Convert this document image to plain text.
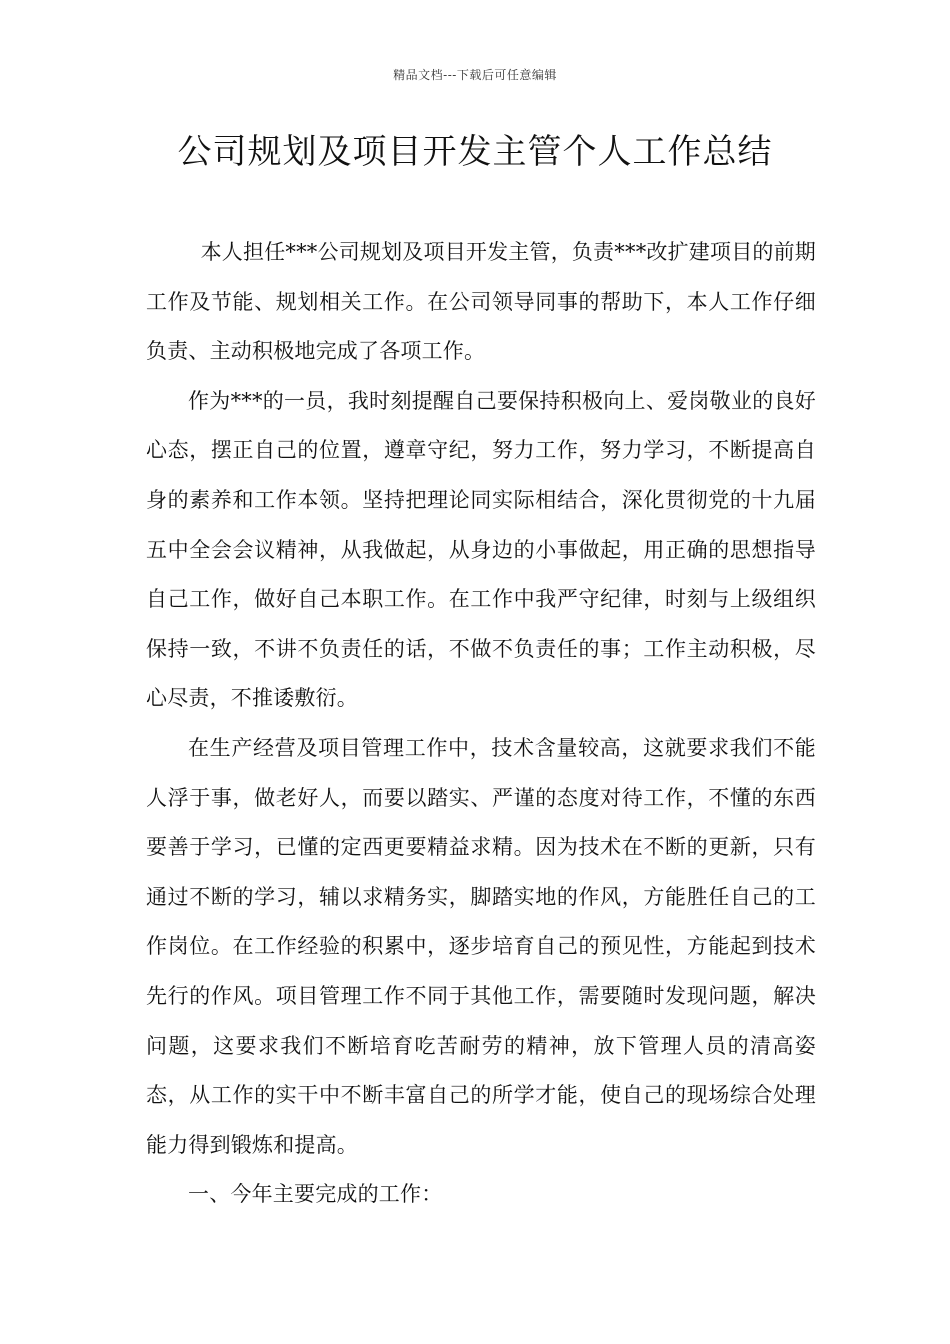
精品文档---下载后可任意编辑
公司规划及项目开发主管个人工作总结

本人担任***公司规划及项目开发主管，负责***改扩建项目的前期工作及节能、规划相关工作。在公司领导同事的帮助下，本人工作仔细负责、主动积极地完成了各项工作。

作为***的一员，我时刻提醒自己要保持积极向上、爱岗敬业的良好心态，摆正自己的位置，遵章守纪，努力工作，努力学习，不断提高自身的素养和工作本领。坚持把理论同实际相结合，深化贯彻党的十九届五中全会会议精神，从我做起，从身边的小事做起，用正确的思想指导自己工作，做好自己本职工作。在工作中我严守纪律，时刻与上级组织保持一致，不讲不负责任的话，不做不负责任的事；工作主动积极，尽心尽责，不推诿敷衍。

在生产经营及项目管理工作中，技术含量较高，这就要求我们不能人浮于事，做老好人，而要以踏实、严谨的态度对待工作，不懂的东西要善于学习，已懂的定西更要精益求精。因为技术在不断的更新，只有通过不断的学习，辅以求精务实，脚踏实地的作风，方能胜任自己的工作岗位。在工作经验的积累中，逐步培育自己的预见性，方能起到技术先行的作风。项目管理工作不同于其他工作，需要随时发现问题，解决问题，这要求我们不断培育吃苦耐劳的精神，放下管理人员的清高姿态，从工作的实干中不断丰富自己的所学才能，使自己的现场综合处理能力得到锻炼和提高。

一、今年主要完成的工作：
